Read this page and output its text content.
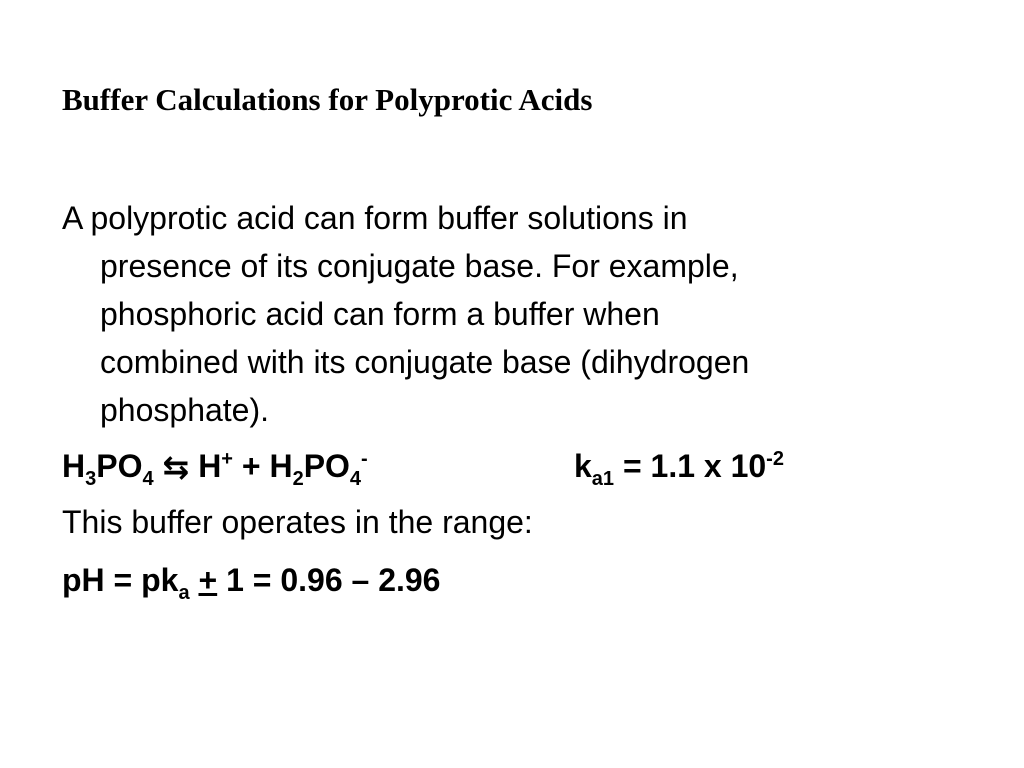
Buffer Calculations for Polyprotic Acids
A polyprotic acid can form buffer solutions in
presence of its conjugate base. For example,
phosphoric acid can form a buffer when
combined with its conjugate base (dihydrogen
phosphate).
$H_3PO_4$ ⇆ $H^+ + H_2PO_4^-$	$k_{a1} = 1.1$ x $10^{-2}$
This buffer operates in the range:
pH = $pk_a + 1 = 0.96 - 2.96$
